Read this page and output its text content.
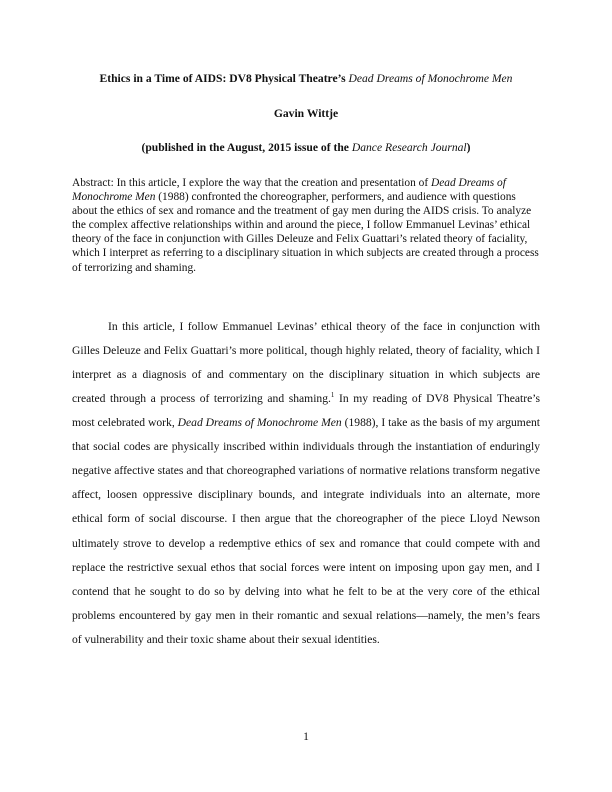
Ethics in a Time of AIDS: DV8 Physical Theatre’s Dead Dreams of Monochrome Men

Gavin Wittje

(published in the August, 2015 issue of the Dance Research Journal)

Abstract: In this article, I explore the way that the creation and presentation of Dead Dreams of Monochrome Men (1988) confronted the choreographer, performers, and audience with questions about the ethics of sex and romance and the treatment of gay men during the AIDS crisis. To analyze the complex affective relationships within and around the piece, I follow Emmanuel Levinas’ ethical theory of the face in conjunction with Gilles Deleuze and Felix Guattari’s related theory of faciality, which I interpret as referring to a disciplinary situation in which subjects are created through a process of terrorizing and shaming.

In this article, I follow Emmanuel Levinas’ ethical theory of the face in conjunction with Gilles Deleuze and Felix Guattari’s more political, though highly related, theory of faciality, which I interpret as a diagnosis of and commentary on the disciplinary situation in which subjects are created through a process of terrorizing and shaming.$^1$ In my reading of DV8 Physical Theatre’s most celebrated work, Dead Dreams of Monochrome Men (1988), I take as the basis of my argument that social codes are physically inscribed within individuals through the instantiation of enduringly negative affective states and that choreographed variations of normative relations transform negative affect, loosen oppressive disciplinary bounds, and integrate individuals into an alternate, more ethical form of social discourse. I then argue that the choreographer of the piece Lloyd Newson ultimately strove to develop a redemptive ethics of sex and romance that could compete with and replace the restrictive sexual ethos that social forces were intent on imposing upon gay men, and I contend that he sought to do so by delving into what he felt to be at the very core of the ethical problems encountered by gay men in their romantic and sexual relations—namely, the men’s fears of vulnerability and their toxic shame about their sexual identities.

1
